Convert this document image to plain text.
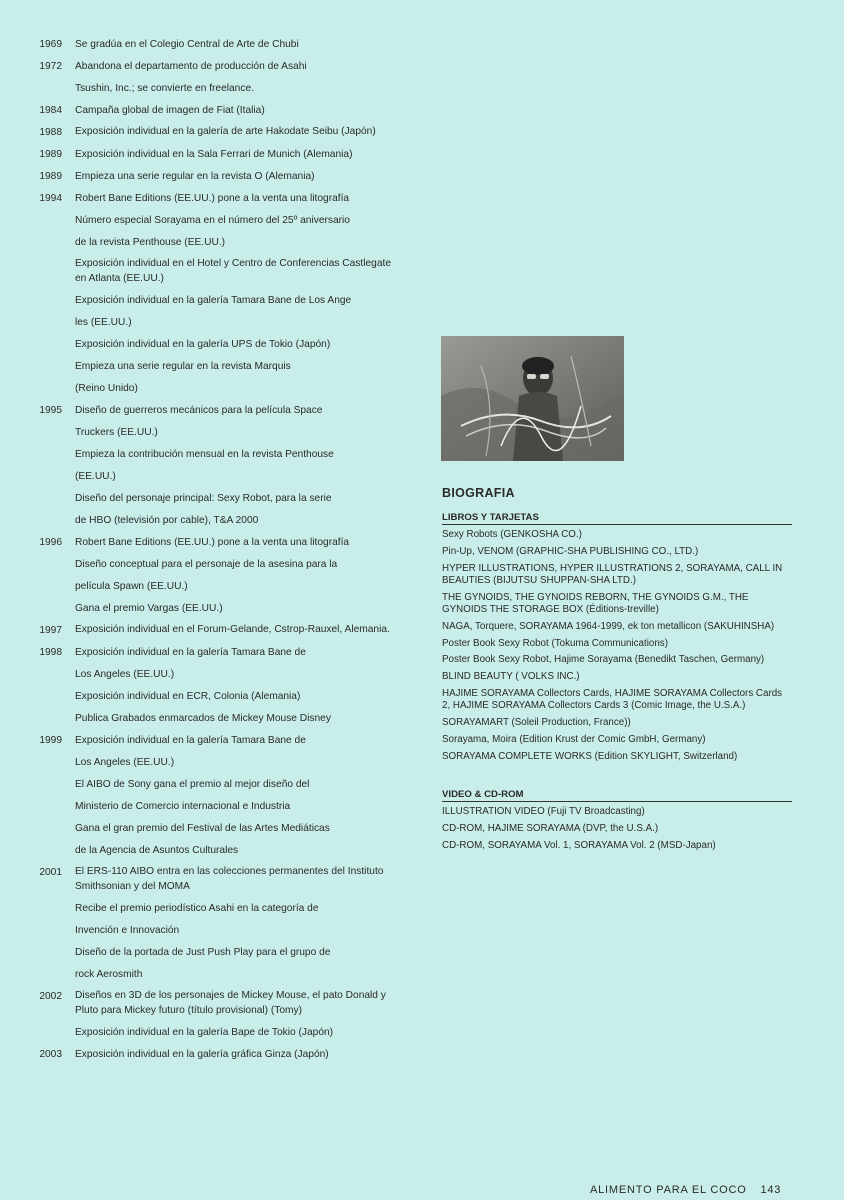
1969	Se gradúa en el Colegio Central de Arte de Chubi
1972	Abandona el departamento de producción de Asahi
Tsushin, Inc.; se convierte en freelance.
1984	Campaña global de imagen de Fiat (Italia)
1988	Exposición individual en la galería de arte Hakodate Seibu (Japón)
1989	Exposición individual en la Sala Ferrari de Munich (Alemania)
1989	Empieza una serie regular en la revista O (Alemania)
1994	Robert Bane Editions (EE.UU.) pone a la venta una litografía
Número especial Sorayama en el número del 25º aniversario
de la revista Penthouse (EE.UU.)
Exposición individual en el Hotel y Centro de Conferencias Castlegate en Atlanta (EE.UU.)
Exposición individual en la galería Tamara Bane de Los Ange
les (EE.UU.)
Exposición individual en la galería UPS de Tokio (Japón)
Empieza una serie regular en la revista Marquis
(Reino Unido)
1995	Diseño de guerreros mecánicos para la película Space
Truckers (EE.UU.)
Empieza la contribución mensual en la revista Penthouse
(EE.UU.)
Diseño del personaje principal: Sexy Robot, para la serie
de HBO (televisión por cable), T&A 2000
1996	Robert Bane Editions (EE.UU.) pone a la venta una litografía
Diseño conceptual para el personaje de la asesina para la
película Spawn (EE.UU.)
Gana el premio Vargas (EE.UU.)
1997	Exposición individual en el Forum-Gelande, Cstrop-Rauxel, Alemania.
1998	Exposición individual en la galería Tamara Bane de
Los Angeles (EE.UU.)
Exposición individual en ECR, Colonia (Alemania)
Publica Grabados enmarcados de Mickey Mouse Disney
1999	Exposición individual en la galería Tamara Bane de
Los Angeles (EE.UU.)
El AIBO de Sony gana el premio al mejor diseño del
Ministerio de Comercio internacional e Industria
Gana el gran premio del Festival de las Artes Mediáticas
de la Agencia de Asuntos Culturales
2001	El ERS-110 AIBO entra en las colecciones permanentes del Instituto Smithsonian y del MOMA
Recibe el premio periodístico Asahi en la categoría de
Invención e Innovación
Diseño de la portada de Just Push Play para el grupo de
rock Aerosmith
2002	Diseños en 3D de los personajes de Mickey Mouse, el pato Donald y Pluto para Mickey futuro (título provisional) (Tomy)
Exposición individual en la galería Bape de Tokio (Japón)
2003	Exposición individual en la galería gráfica Ginza (Japón)
BIOGRAFIA
LIBROS Y TARJETAS
Sexy Robots (GENKOSHA CO.)
Pin-Up, VENOM (GRAPHIC-SHA PUBLISHING CO., LTD.)
HYPER ILLUSTRATIONS, HYPER ILLUSTRATIONS 2, SORAYAMA, CALL IN BEAUTIES (BIJUTSU SHUPPAN-SHA LTD.)
THE GYNOIDS, THE GYNOIDS REBORN, THE GYNOIDS G.M., THE GYNOIDS THE STORAGE BOX (Éditions-treville)
NAGA, Torquere, SORAYAMA 1964-1999, ek ton metallicon (SAKUHINSHA)
Poster Book Sexy Robot (Tokuma Communications)
Poster Book Sexy Robot, Hajime Sorayama (Benedikt Taschen, Germany)
BLIND BEAUTY ( VOLKS INC.)
HAJIME SORAYAMA Collectors Cards, HAJIME SORAYAMA Collectors Cards 2, HAJIME SORAYAMA Collectors Cards 3 (Comic Image, the U.S.A.)
SORAYAMART (Soleil Production, France))
Sorayama, Moira (Edition Krust der Comic GmbH, Germany)
SORAYAMA COMPLETE WORKS (Edition SKYLIGHT, Switzerland)
VIDEO & CD-ROM
ILLUSTRATION VIDEO (Fuji TV Broadcasting)
CD-ROM, HAJIME SORAYAMA (DVP, the U.S.A.)
CD-ROM, SORAYAMA Vol. 1, SORAYAMA Vol. 2 (MSD-Japan)
ALIMENTO PARA EL COCO 143
